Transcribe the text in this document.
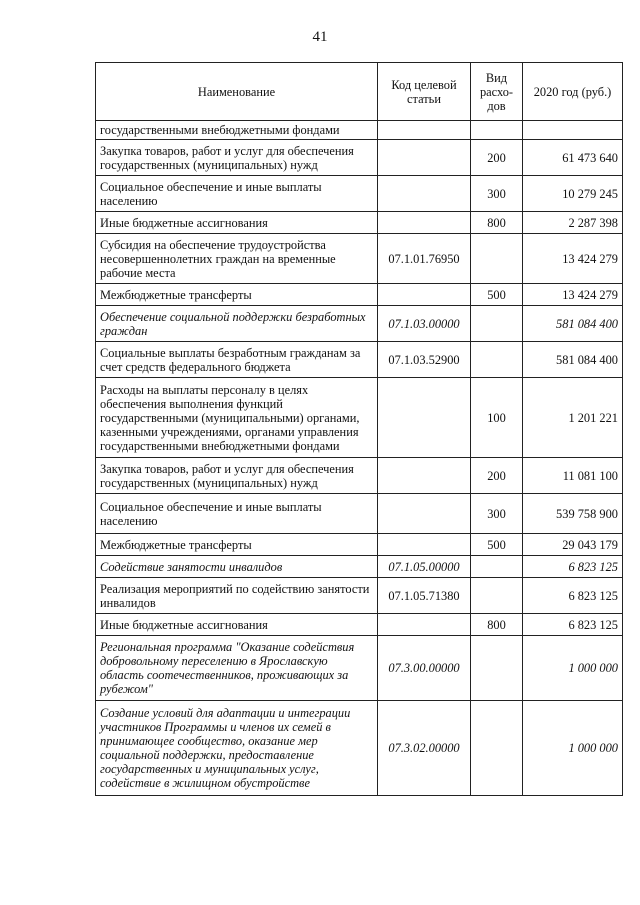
41
Наименование	Код целевой статьи	Вид расхо-дов	2020 год (руб.)
государственными внебюджетными фондами			
Закупка товаров, работ и услуг для обеспечения государственных (муниципальных) нужд		200	61 473 640
Социальное обеспечение и иные выплаты населению		300	10 279 245
Иные бюджетные ассигнования		800	2 287 398
Субсидия на обеспечение трудоустройства несовершеннолетних граждан на временные рабочие места	07.1.01.76950		13 424 279
Межбюджетные трансферты		500	13 424 279
Обеспечение социальной поддержки безработных граждан	07.1.03.00000		581 084 400
Социальные выплаты безработным гражданам за счет средств федерального бюджета	07.1.03.52900		581 084 400
Расходы на выплаты персоналу в целях обеспечения выполнения функций государственными (муниципальными) органами, казенными учреждениями, органами управления государственными внебюджетными фондами		100	1 201 221
Закупка товаров, работ и услуг для обеспечения государственных (муниципальных) нужд		200	11 081 100
Социальное обеспечение и иные выплаты населению		300	539 758 900
Межбюджетные трансферты		500	29 043 179
Содействие занятости инвалидов	07.1.05.00000		6 823 125
Реализация мероприятий по содействию занятости инвалидов	07.1.05.71380		6 823 125
Иные бюджетные ассигнования		800	6 823 125
Региональная программа "Оказание содействия добровольному переселению в Ярославскую область соотечественников, проживающих за рубежом"	07.3.00.00000		1 000 000
Создание условий для адаптации и интеграции участников Программы и членов их семей в принимающее сообщество, оказание мер социальной поддержки, предоставление государственных и муниципальных услуг, содействие в жилищном обустройстве	07.3.02.00000		1 000 000
